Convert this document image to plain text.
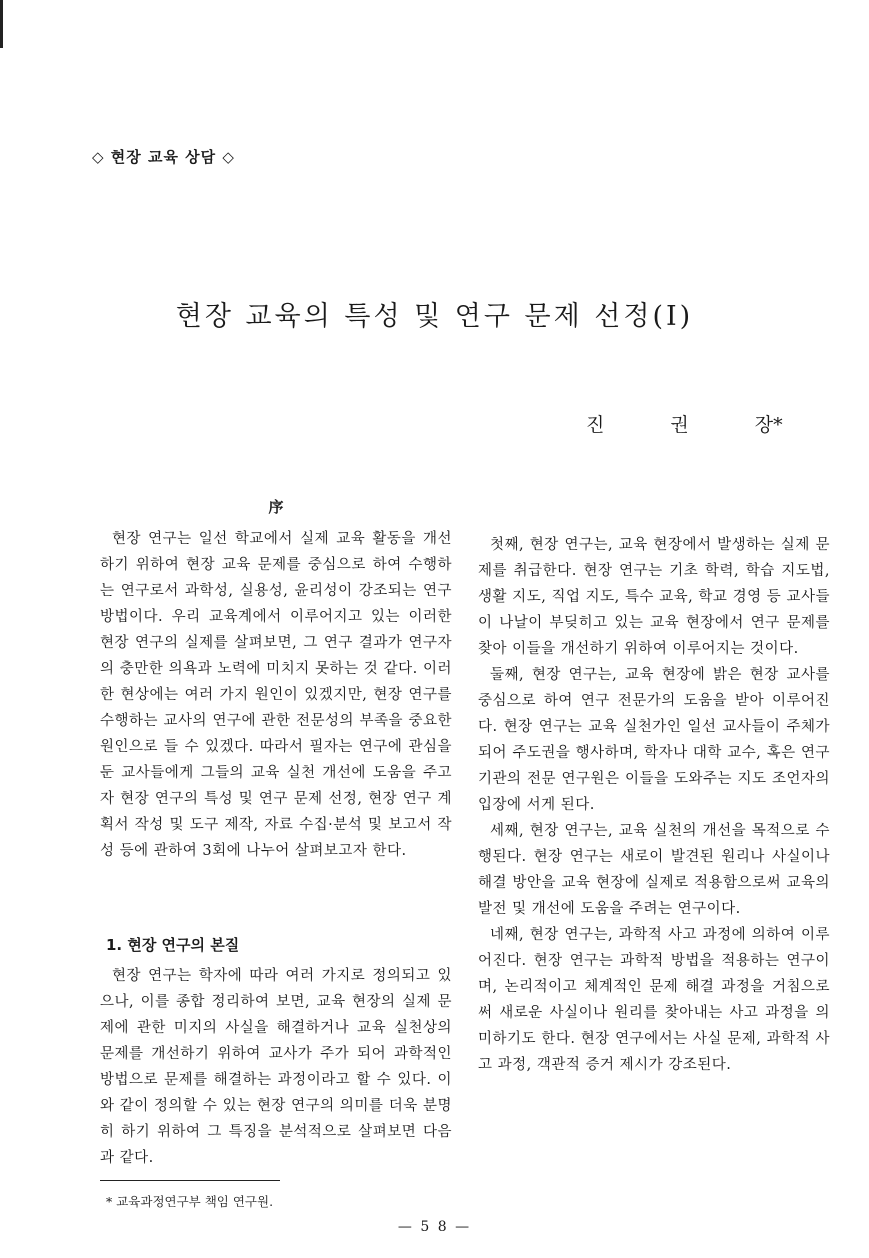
◇ 현장 교육 상담 ◇
현장 교육의 특성 및 연구 문제 선정(I)
진	권	장*
序

현장 연구는 일선 학교에서 실제 교육 활동을 개선하기 위하여 현장 교육 문제를 중심으로 하여 수행하는 연구로서 과학성, 실용성, 윤리성이 강조되는 연구 방법이다. 우리 교육계에서 이루어지고 있는 이러한 현장 연구의 실제를 살펴보면, 그 연구 결과가 연구자의 충만한 의욕과 노력에 미치지 못하는 것 같다. 이러한 현상에는 여러 가지 원인이 있겠지만, 현장 연구를 수행하는 교사의 연구에 관한 전문성의 부족을 중요한 원인으로 들 수 있겠다. 따라서 필자는 연구에 관심을 둔 교사들에게 그들의 교육 실천 개선에 도움을 주고자 현장 연구의 특성 및 연구 문제 선정, 현장 연구 계획서 작성 및 도구 제작, 자료 수집·분석 및 보고서 작성 등에 관하여 3회에 나누어 살펴보고자 한다.

1. 현장 연구의 본질

현장 연구는 학자에 따라 여러 가지로 정의되고 있으나, 이를 종합 정리하여 보면, 교육 현장의 실제 문제에 관한 미지의 사실을 해결하거나 교육 실천상의 문제를 개선하기 위하여 교사가 주가 되어 과학적인 방법으로 문제를 해결하는 과정이라고 할 수 있다. 이와 같이 정의할 수 있는 현장 연구의 의미를 더욱 분명히 하기 위하여 그 특징을 분석적으로 살펴보면 다음과 같다.

첫째, 현장 연구는, 교육 현장에서 발생하는 실제 문제를 취급한다. 현장 연구는 기초 학력, 학습 지도법, 생활 지도, 직업 지도, 특수 교육, 학교 경영 등 교사들이 나날이 부딪히고 있는 교육 현장에서 연구 문제를 찾아 이들을 개선하기 위하여 이루어지는 것이다.

둘째, 현장 연구는, 교육 현장에 밝은 현장 교사를 중심으로 하여 연구 전문가의 도움을 받아 이루어진다. 현장 연구는 교육 실천가인 일선 교사들이 주체가 되어 주도권을 행사하며, 학자나 대학 교수, 혹은 연구 기관의 전문 연구원은 이들을 도와주는 지도 조언자의 입장에 서게 된다.

세째, 현장 연구는, 교육 실천의 개선을 목적으로 수행된다. 현장 연구는 새로이 발견된 원리나 사실이나 해결 방안을 교육 현장에 실제로 적용함으로써 교육의 발전 및 개선에 도움을 주려는 연구이다.

네째, 현장 연구는, 과학적 사고 과정에 의하여 이루어진다. 현장 연구는 과학적 방법을 적용하는 연구이며, 논리적이고 체계적인 문제 해결 과정을 거침으로써 새로운 사실이나 원리를 찾아내는 사고 과정을 의미하기도 한다. 현장 연구에서는 사실 문제, 과학적 사고 과정, 객관적 증거 제시가 강조된다.

* 교육과정연구부 책임 연구원.
— 5 8 —
